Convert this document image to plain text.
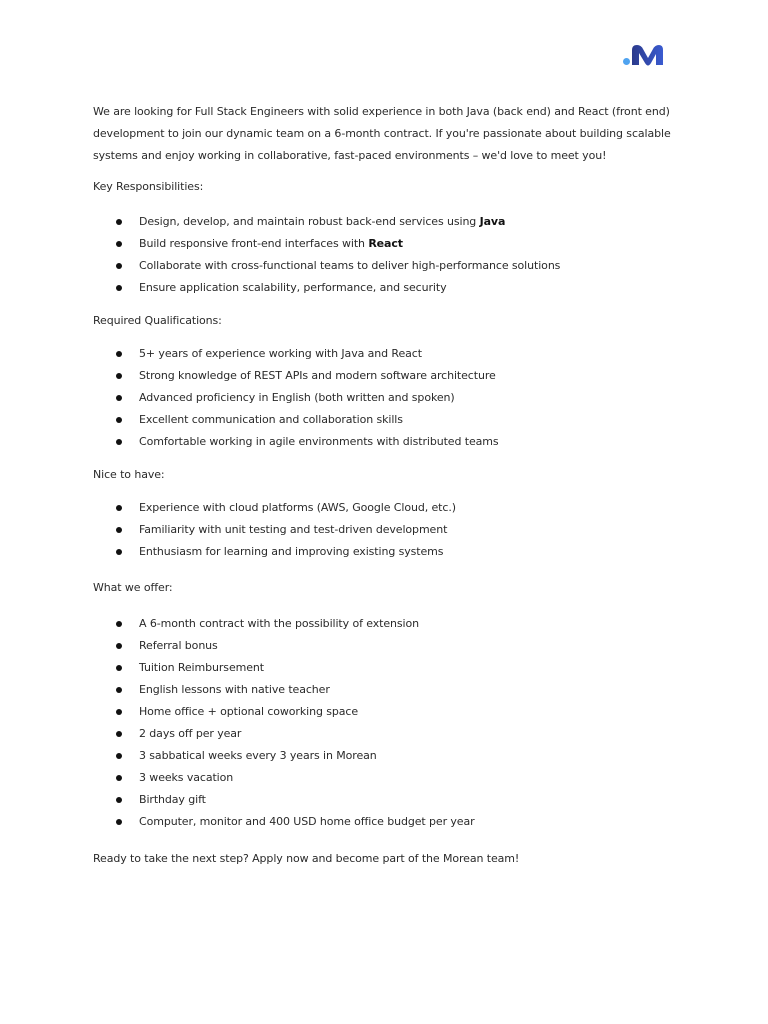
We are looking for Full Stack Engineers with solid experience in both Java (back end) and React (front end) development to join our dynamic team on a 6-month contract. If you're passionate about building scalable systems and enjoy working in collaborative, fast-paced environments – we'd love to meet you!

Key Responsibilities:

Design, develop, and maintain robust back-end services using Java
Build responsive front-end interfaces with React
Collaborate with cross-functional teams to deliver high-performance solutions
Ensure application scalability, performance, and security

Required Qualifications:

5+ years of experience working with Java and React
Strong knowledge of REST APIs and modern software architecture
Advanced proficiency in English (both written and spoken)
Excellent communication and collaboration skills
Comfortable working in agile environments with distributed teams

Nice to have:

Experience with cloud platforms (AWS, Google Cloud, etc.)
Familiarity with unit testing and test-driven development
Enthusiasm for learning and improving existing systems

What we offer:

A 6-month contract with the possibility of extension
Referral bonus
Tuition Reimbursement
English lessons with native teacher
Home office + optional coworking space
2 days off per year
3 sabbatical weeks every 3 years in Morean
3 weeks vacation
Birthday gift
Computer, monitor and 400 USD home office budget per year

Ready to take the next step? Apply now and become part of the Morean team!
